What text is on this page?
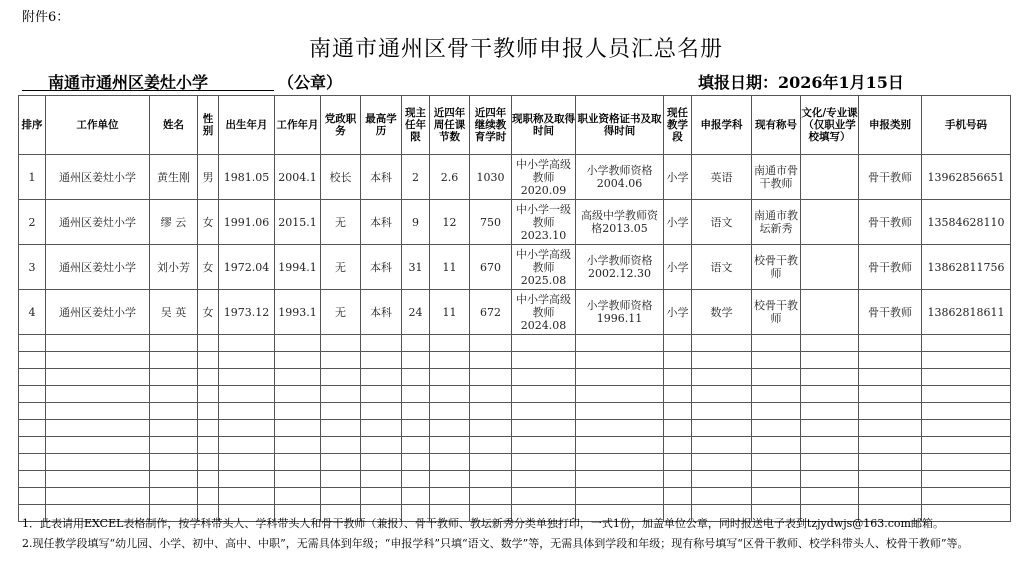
附件6：
南通市通州区骨干教师申报人员汇总名册
南通市通州区姜灶小学	（公章）	填报日期：2026年1月15日
排序	工作单位	姓名	性别	出生年月	工作年月	党政职务	最高学历	现主任年限	近四年周任课节数	近四年继续教育学时	现职称及取得时间	职业资格证书及取得时间	现任教学段	申报学科	现有称号	文化/专业课（仅职业学校填写）	申报类别	手机号码
1	通州区姜灶小学	黄生刚	男	1981.05	2004.1	校长	本科	2	2.6	1030	中小学高级教师2020.09	小学教师资格2004.06	小学	英语	南通市骨干教师		骨干教师	13962856651
2	通州区姜灶小学	缪 云	女	1991.06	2015.1	无	本科	9	12	750	中小学一级教师2023.10	高级中学教师资格2013.05	小学	语文	南通市教坛新秀		骨干教师	13584628110
3	通州区姜灶小学	刘小芳	女	1972.04	1994.1	无	本科	31	11	670	中小学高级教师2025.08	小学教师资格2002.12.30	小学	语文	校骨干教师		骨干教师	13862811756
4	通州区姜灶小学	吴 英	女	1973.12	1993.1	无	本科	24	11	672	中小学高级教师2024.08	小学教师资格1996.11	小学	数学	校骨干教师		骨干教师	13862818611

1．此表请用EXCEL表格制作，按学科带头人、学科带头人和骨干教师（兼报）、骨干教师、教坛新秀分类单独打印，一式1份，加盖单位公章，同时报送电子表到tzjydwjs@163.com邮箱。
2.现任教学段填写“幼儿园、小学、初中、高中、中职”，无需具体到年级；“申报学科”只填“语文、数学”等，无需具体到学段和年级；现有称号填写“区骨干教师、校学科带头人、校骨干教师”等。
